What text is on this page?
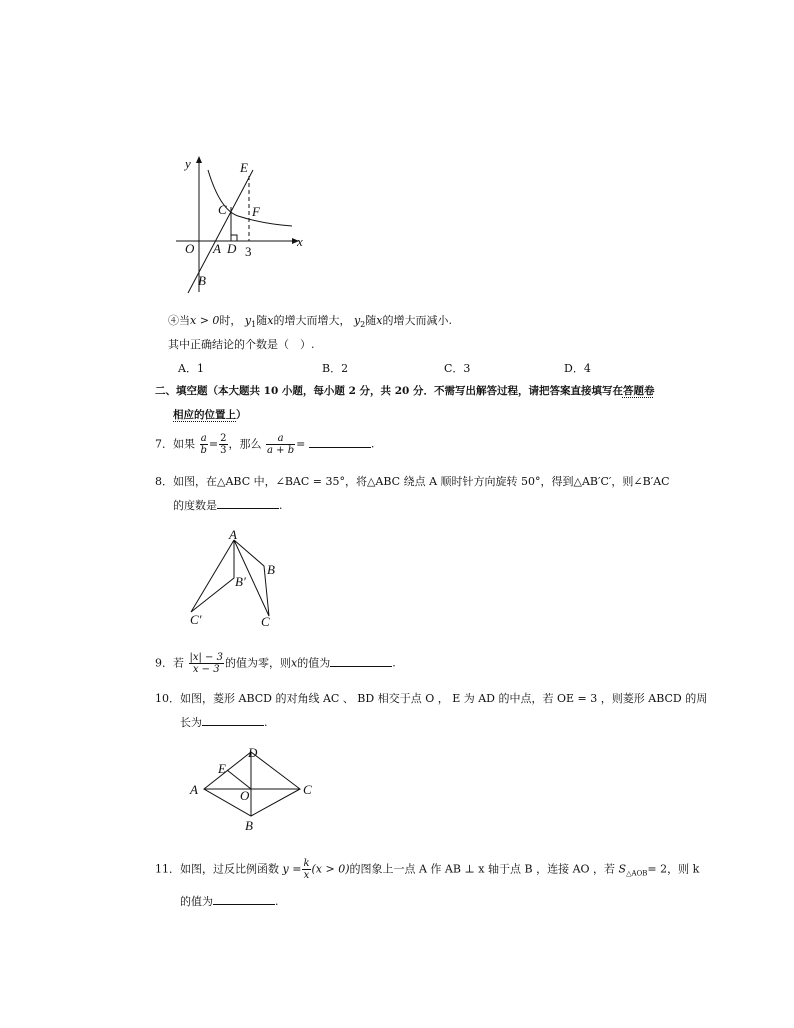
y
x
E
C F
O A D 3
B
④当x > 0时， $y_1$随x的增大而增大， $y_2$随x的增大而减小.
其中正确结论的个数是（　）.
A．1	B．2	C．3	D．4
二、填空题（本大题共 10 小题，每小题 2 分，共 20 分．不需写出解答过程，请把答案直接填写在答题卷
相应的位置上）
7．如果 $\frac{a}{b} = \frac{2}{3}$ ，那么 $\frac{a}{a + b}$ =	.
8．如图，在△ABC 中，∠BAC = 35°，将△ABC 绕点 A 顺时针方向旋转 50°，得到△AB′C′，则∠B′AC
的度数是	.
A
B
B′
C′	C
9．若 $\frac{|x| - 3}{x - 3}$ 的值为零，则x的值为	.
10．如图，菱形 ABCD 的对角线 AC 、 BD 相交于点 O ， E 为 AD 的中点，若 OE = 3 ，则菱形 ABCD 的周
长为	.
D
E
A	O	C
B
11．如图，过反比例函数 $y = \frac{k}{x} (x > 0)$的图象上一点 A 作 AB ⊥ x 轴于点 B ，连接 AO ，若 $S_{\triangle AOB}= 2$，则 k
的值为	.
